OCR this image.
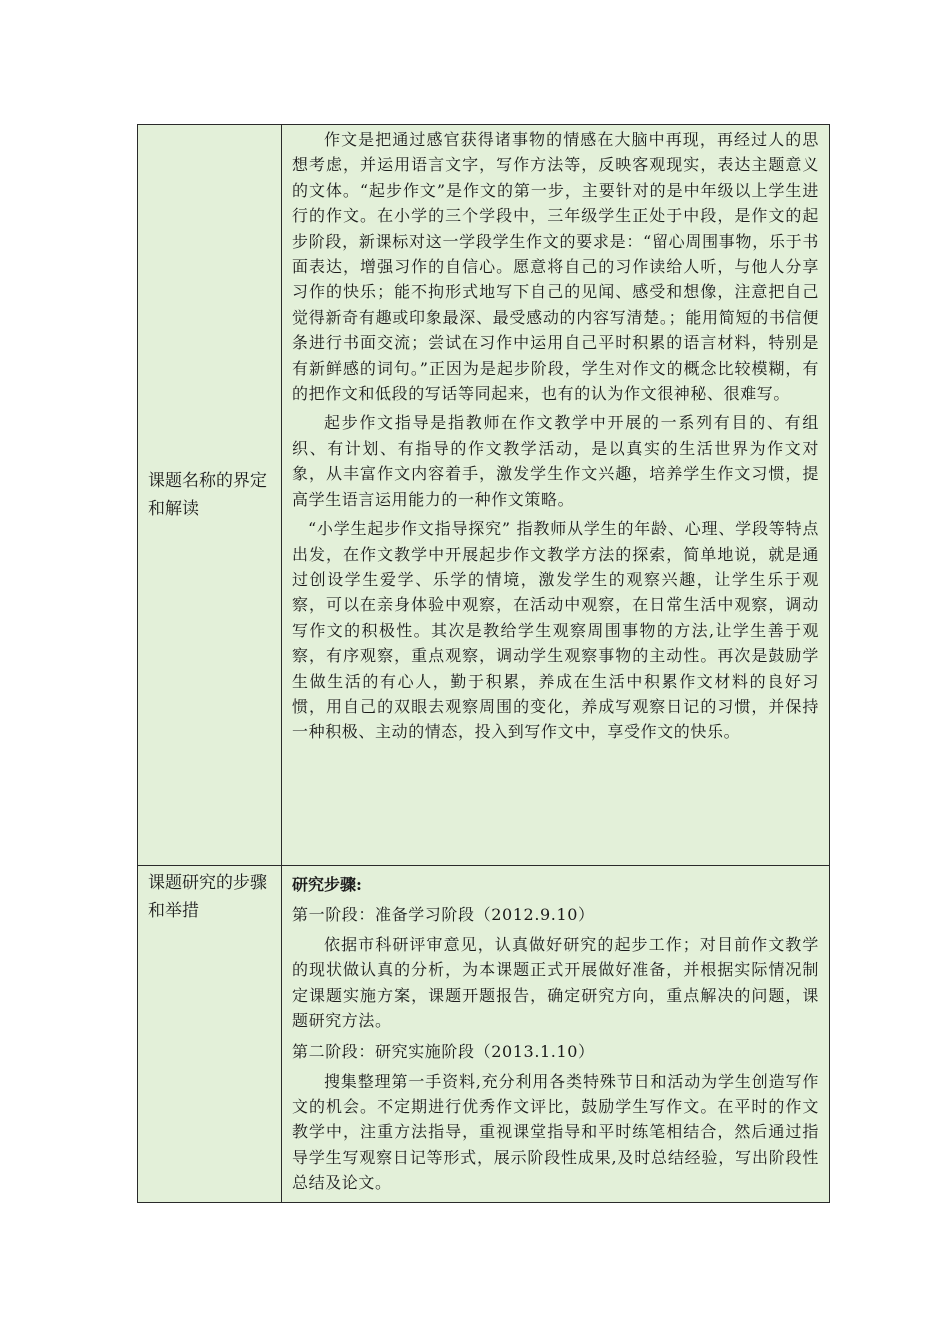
课题名称的界定和解读	作文是把通过感官获得诸事物的情感在大脑中再现，再经过人的思想考虑，并运用语言文字，写作方法等，反映客观现实，表达主题意义的文体。“起步作文”是作文的第一步，主要针对的是中年级以上学生进行的作文。在小学的三个学段中，三年级学生正处于中段，是作文的起步阶段，新课标对这一学段学生作文的要求是：“留心周围事物，乐于书面表达，增强习作的自信心。愿意将自己的习作读给人听，与他人分享习作的快乐；能不拘形式地写下自己的见闻、感受和想像，注意把自己觉得新奇有趣或印象最深、最受感动的内容写清楚。；能用简短的书信便条进行书面交流；尝试在习作中运用自己平时积累的语言材料，特别是有新鲜感的词句。”正因为是起步阶段，学生对作文的概念比较模糊，有的把作文和低段的写话等同起来，也有的认为作文很神秘、很难写。

起步作文指导是指教师在作文教学中开展的一系列有目的、有组织、有计划、有指导的作文教学活动，是以真实的生活世界为作文对象，从丰富作文内容着手，激发学生作文兴趣，培养学生作文习惯，提高学生语言运用能力的一种作文策略。

“小学生起步作文指导探究” 指教师从学生的年龄、心理、学段等特点出发，在作文教学中开展起步作文教学方法的探索，简单地说，就是通过创设学生爱学、乐学的情境，激发学生的观察兴趣，让学生乐于观察，可以在亲身体验中观察，在活动中观察，在日常生活中观察，调动写作文的积极性。其次是教给学生观察周围事物的方法,让学生善于观察，有序观察，重点观察，调动学生观察事物的主动性。再次是鼓励学生做生活的有心人，勤于积累，养成在生活中积累作文材料的良好习惯，用自己的双眼去观察周围的变化，养成写观察日记的习惯，并保持一种积极、主动的情态，投入到写作文中，享受作文的快乐。

课题研究的步骤和举措	研究步骤:
第一阶段：准备学习阶段（2012.9.10）

依据市科研评审意见，认真做好研究的起步工作；对目前作文教学的现状做认真的分析，为本课题正式开展做好准备，并根据实际情况制定课题实施方案，课题开题报告，确定研究方向，重点解决的问题，课题研究方法。

第二阶段：研究实施阶段（2013.1.10）

搜集整理第一手资料,充分利用各类特殊节日和活动为学生创造写作文的机会。不定期进行优秀作文评比，鼓励学生写作文。在平时的作文教学中，注重方法指导，重视课堂指导和平时练笔相结合，然后通过指导学生写观察日记等形式，展示阶段性成果,及时总结经验，写出阶段性总结及论文。
